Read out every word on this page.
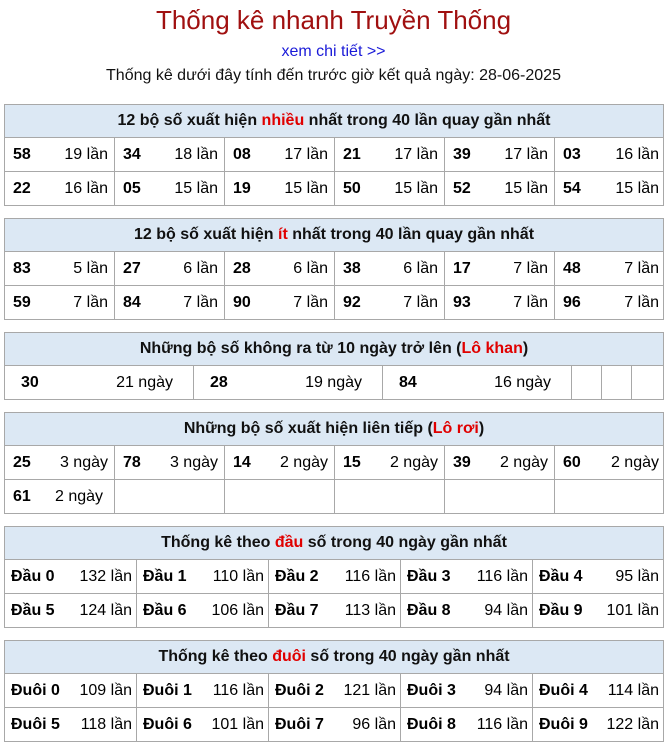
Thống kê nhanh Truyền Thống
xem chi tiết >>
Thống kê dưới đây tính đến trước giờ kết quả ngày: 28-06-2025
12 bộ số xuất hiện nhiều nhất trong 40 lần quay gần nhất
58	19 lần 34	18 lần 08	17 lần 21	17 lần 39	17 lần 03	16 lần
22	16 lần 05	15 lần 19	15 lần 50	15 lần 52	15 lần 54	15 lần
12 bộ số xuất hiện ít nhất trong 40 lần quay gần nhất
83	5 lần 27	6 lần 28	6 lần 38	6 lần 17	7 lần 48	7 lần
59	7 lần 84	7 lần 90	7 lần 92	7 lần 93	7 lần 96	7 lần
Những bộ số không ra từ 10 ngày trở lên (Lô khan)
30	21 ngày 28	19 ngày 84	16 ngày
Những bộ số xuất hiện liên tiếp (Lô rơi)
25	3 ngày 78	3 ngày 14	2 ngày 15	2 ngày 39	2 ngày 60	2 ngày
61	2 ngày
Thống kê theo đầu số trong 40 ngày gần nhất
Đầu 0	132 lần Đầu 1	110 lần Đầu 2	116 lần Đầu 3	116 lần Đầu 4	95 lần
Đầu 5	124 lần Đầu 6	106 lần Đầu 7	113 lần Đầu 8	94 lần Đầu 9	101 lần
Thống kê theo đuôi số trong 40 ngày gần nhất
Đuôi 0	109 lần Đuôi 1	116 lần Đuôi 2	121 lần Đuôi 3	94 lần Đuôi 4	114 lần
Đuôi 5	118 lần Đuôi 6	101 lần Đuôi 7	96 lần Đuôi 8	116 lần Đuôi 9	122 lần
